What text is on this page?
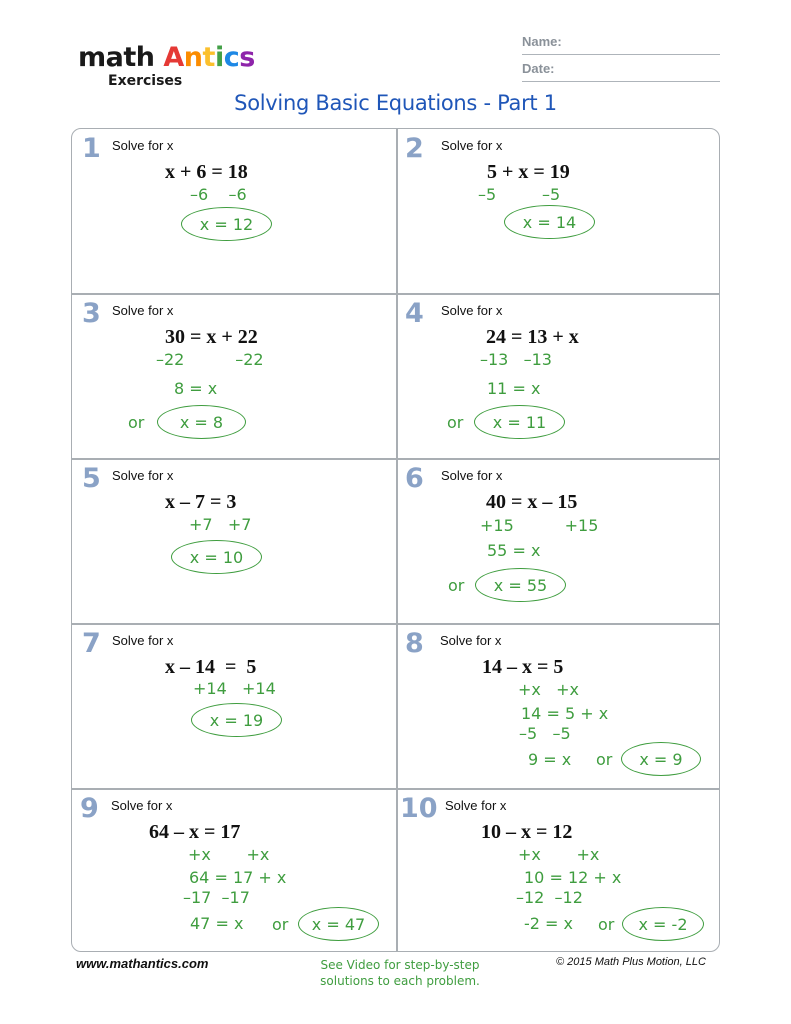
math Antics
Exercises
Name:
Date:
Solving Basic Equations - Part 1
1 Solve for x
x + 6 = 18
–6    –6
x = 12
2 Solve for x
5 + x = 19
–5         –5
x = 14
3 Solve for x
30 = x + 22
–22          –22
8 = x
or	x = 8
4 Solve for x
24 = 13 + x
–13   –13
11 = x
or	x = 11
5 Solve for x
x – 7 = 3
+7   +7
x = 10
6 Solve for x
40 = x – 15
+15          +15
55 = x
or	x = 55
7 Solve for x
x – 14  =  5
+14   +14
x = 19
8 Solve for x
14 – x = 5
+x   +x
14 = 5 + x
–5   –5
9 = x or	x = 9
9 Solve for x
64 – x = 17
+x       +x
64 = 17 + x
–17  –17
47 = x or	x = 47
10 Solve for x
10 – x = 12
+x       +x
10 = 12 + x
–12  –12
-2 = x or	x = -2
www.mathantics.com	See Video for step-by-step
solutions to each problem.
© 2015 Math Plus Motion, LLC
